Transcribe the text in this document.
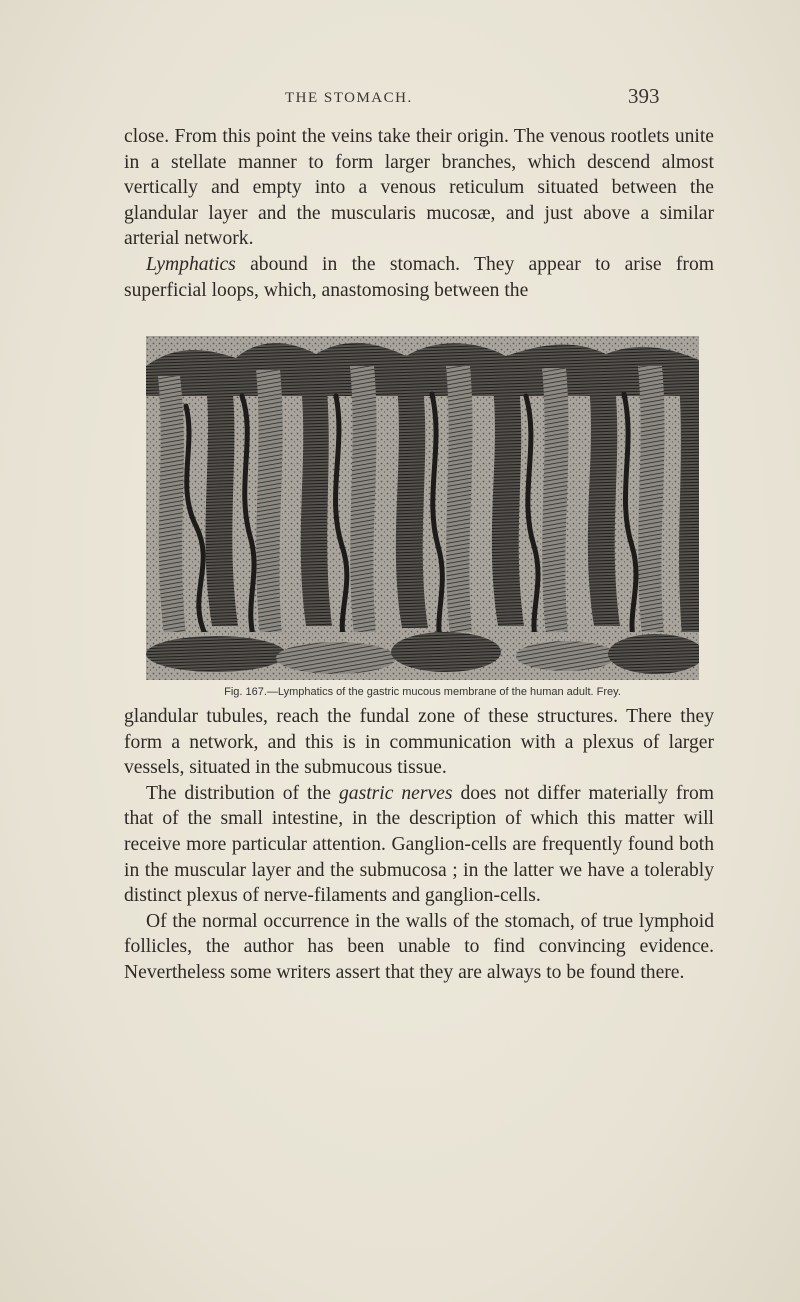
THE STOMACH.	393

close. From this point the veins take their origin. The venous rootlets unite in a stellate manner to form larger branches, which descend almost vertically and empty into a venous reticulum situated between the glandular layer and the muscularis mucosæ, and just above a similar arterial network.

Lymphatics abound in the stomach. They appear to arise from superficial loops, which, anastomosing between the

Fig. 167.—Lymphatics of the gastric mucous membrane of the human adult. Frey.

glandular tubules, reach the fundal zone of these structures. There they form a network, and this is in communication with a plexus of larger vessels, situated in the submucous tissue.

The distribution of the gastric nerves does not differ materially from that of the small intestine, in the description of which this matter will receive more particular attention. Ganglion-cells are frequently found both in the muscular layer and the submucosa ; in the latter we have a tolerably distinct plexus of nerve-filaments and ganglion-cells.

Of the normal occurrence in the walls of the stomach, of true lymphoid follicles, the author has been unable to find convincing evidence. Nevertheless some writers assert that they are always to be found there.
